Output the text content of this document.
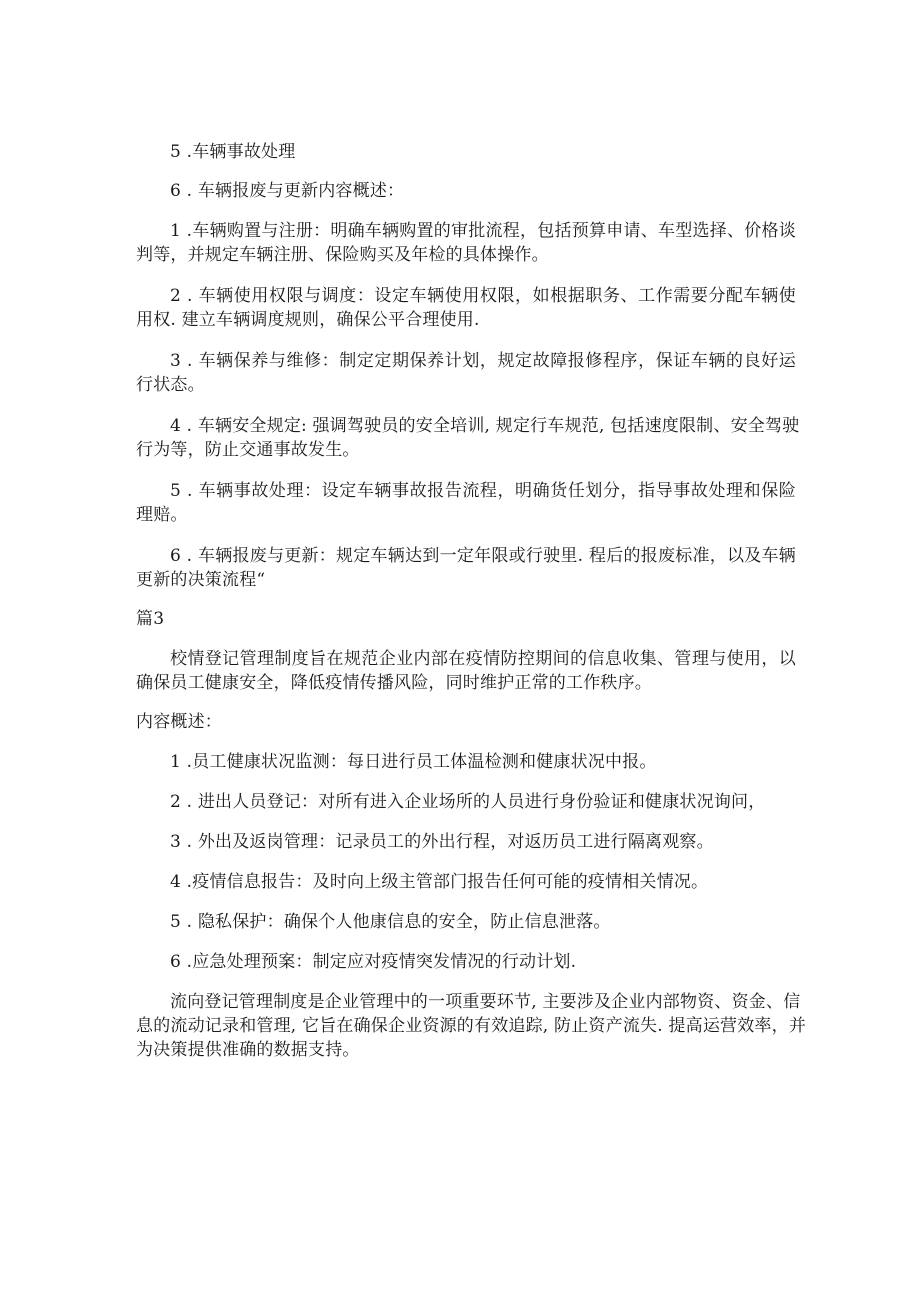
5 .车辆事故处理
6 . 车辆报废与更新内容概述：
1 .车辆购置与注册：明确车辆购置的审批流程，包括预算申请、车型选择、价格谈
判等，并规定车辆注册、保险购买及年检的具体操作。
2 . 车辆使用权限与调度：设定车辆使用权限，如根据职务、工作需要分配车辆使
用权. 建立车辆调度规则，确保公平合理使用.
3 . 车辆保养与维修：制定定期保养计划，规定故障报修程序，保证车辆的良好运
行状态。
4 . 车辆安全规定: 强调驾驶员的安全培训, 规定行车规范, 包括速度限制、安全驾驶
行为等，防止交通事故发生。
5 . 车辆事故处理：设定车辆事故报告流程，明确货任划分，指导事故处理和保险
理赔。
6 . 车辆报废与更新：规定车辆达到一定年限或行驶里. 程后的报废标准，以及车辆
更新的决策流程“
篇3
校情登记管理制度旨在规范企业内部在疫情防控期间的信息收集、管理与使用，以
确保员工健康安全，降低疫情传播风险，同时维护正常的工作秩序。
内容概述：
1 .员工健康状况监测：每日进行员工体温检测和健康状况中报。
2 . 进出人员登记：对所有进入企业场所的人员进行身份验证和健康状况询问，
3 . 外出及返岗管理：记录员工的外出行程，对返历员工进行隔离观察。
4 .疫情信息报告：及时向上级主管部门报告任何可能的疫情相关情况。
5 . 隐私保护：确保个人他康信息的安全，防止信息泄落。
6 .应急处理预案：制定应对疫情突发情况的行动计划.
流向登记管理制度是企业管理中的一项重要环节, 主要涉及企业内部物资、资金、信
息的流动记录和管理, 它旨在确保企业资源的有效追踪, 防止资产流失. 提高运营效率，并
为决策提供准确的数据支持。
